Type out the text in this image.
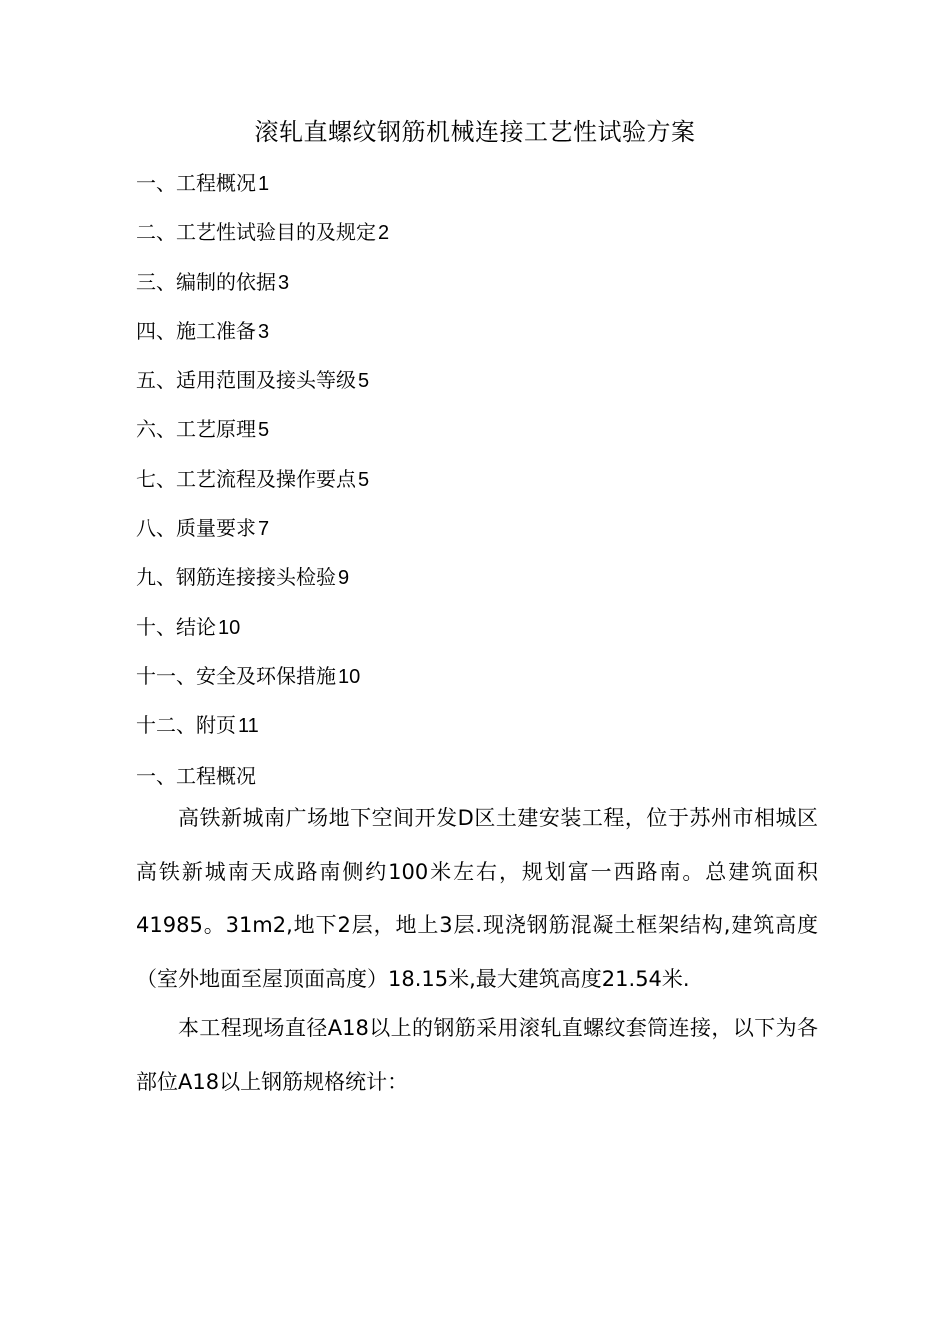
滚轧直螺纹钢筋机械连接工艺性试验方案
一、工程概况 1
二、工艺性试验目的及规定 2
三、编制的依据 3
四、施工准备 3
五、适用范围及接头等级 5
六、工艺原理 5
七、工艺流程及操作要点 5
八、质量要求 7
九、钢筋连接接头检验 9
十、结论 10
十一、安全及环保措施 10
十二、附页 11
一、工程概况

高铁新城南广场地下空间开发D区土建安装工程，位于苏州市相城区高铁新城南天成路南侧约100米左右，规划富一西路南。总建筑面积41985。31m2,地下2层，地上3层.现浇钢筋混凝土框架结构,建筑高度（室外地面至屋顶面高度）18.15米,最大建筑高度21.54米.

本工程现场直径A18以上的钢筋采用滚轧直螺纹套筒连接，以下为各部位A18以上钢筋规格统计：
